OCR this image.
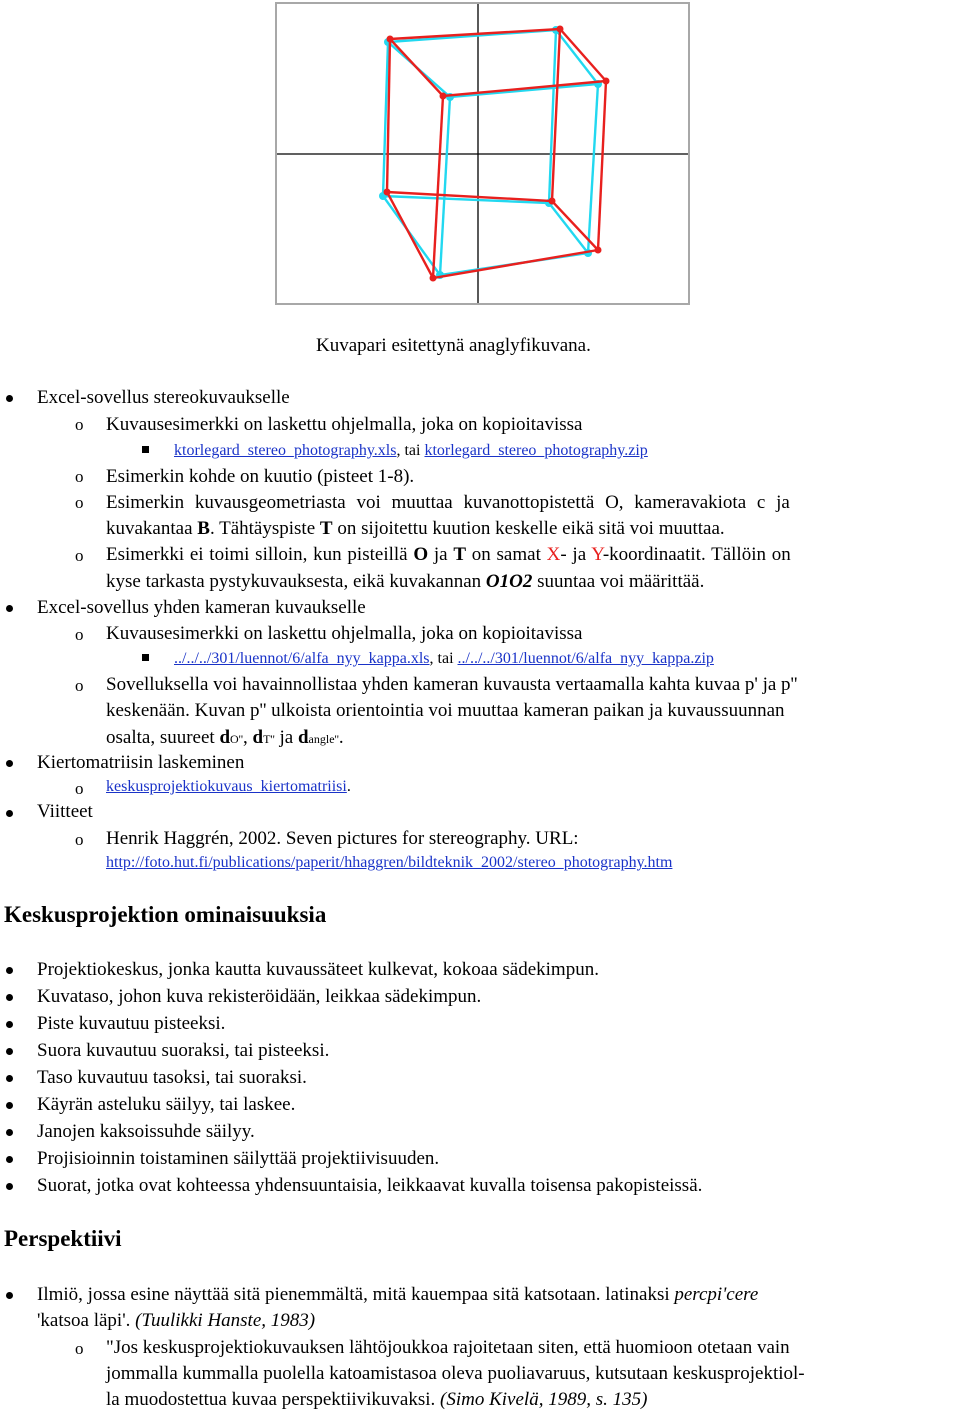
Kuvapari esitettynä anaglyfikuvana.
Excel-sovellus stereokuvaukselle
o Kuvausesimerkki on laskettu ohjelmalla, joka on kopioitavissa
ktorlegard_stereo_photography.xls, tai ktorlegard_stereo_photography.zip
o Esimerkin kohde on kuutio (pisteet 1-8).
o Esimerkin kuvausgeometriasta voi muuttaa kuvanottopistettä O, kameravakiota c ja
kuvakantaa B. Tähtäyspiste T on sijoitettu kuution keskelle eikä sitä voi muuttaa.
o Esimerkki ei toimi silloin, kun pisteillä O ja T on samat X- ja Y-koordinaatit. Tällöin on
kyse tarkasta pystykuvauksesta, eikä kuvakannan O1O2 suuntaa voi määrittää.
Excel-sovellus yhden kameran kuvaukselle
o Kuvausesimerkki on laskettu ohjelmalla, joka on kopioitavissa
../../../301/luennot/6/alfa_nyy_kappa.xls, tai ../../../301/luennot/6/alfa_nyy_kappa.zip
o Sovelluksella voi havainnollistaa yhden kameran kuvausta vertaamalla kahta kuvaa p' ja p''
keskenään. Kuvan p'' ulkoista orientointia voi muuttaa kameran paikan ja kuvaussuunnan
osalta, suureet dO'', dT'' ja dangle''.
Kiertomatriisin laskeminen
o keskusprojektiokuvaus_kiertomatriisi.
Viitteet
o Henrik Haggrén, 2002. Seven pictures for stereography. URL:
http://foto.hut.fi/publications/paperit/hhaggren/bildteknik_2002/stereo_photography.htm
Keskusprojektion ominaisuuksia
Projektiokeskus, jonka kautta kuvaussäteet kulkevat, kokoaa sädekimpun.
Kuvataso, johon kuva rekisteröidään, leikkaa sädekimpun.
Piste kuvautuu pisteeksi.
Suora kuvautuu suoraksi, tai pisteeksi.
Taso kuvautuu tasoksi, tai suoraksi.
Käyrän asteluku säilyy, tai laskee.
Janojen kaksoissuhde säilyy.
Projisioinnin toistaminen säilyttää projektiivisuuden.
Suorat, jotka ovat kohteessa yhdensuuntaisia, leikkaavat kuvalla toisensa pakopisteissä.
Perspektiivi
Ilmiö, jossa esine näyttää sitä pienemmältä, mitä kauempaa sitä katsotaan. latinaksi percpi'cere
'katsoa läpi'. (Tuulikki Hanste, 1983)
o "Jos keskusprojektiokuvauksen lähtöjoukkoa rajoitetaan siten, että huomioon otetaan vain
jommalla kummalla puolella katoamistasoa oleva puoliavaruus, kutsutaan keskusprojektiol-
la muodostettua kuvaa perspektiivikuvaksi. (Simo Kivelä, 1989, s. 135)
